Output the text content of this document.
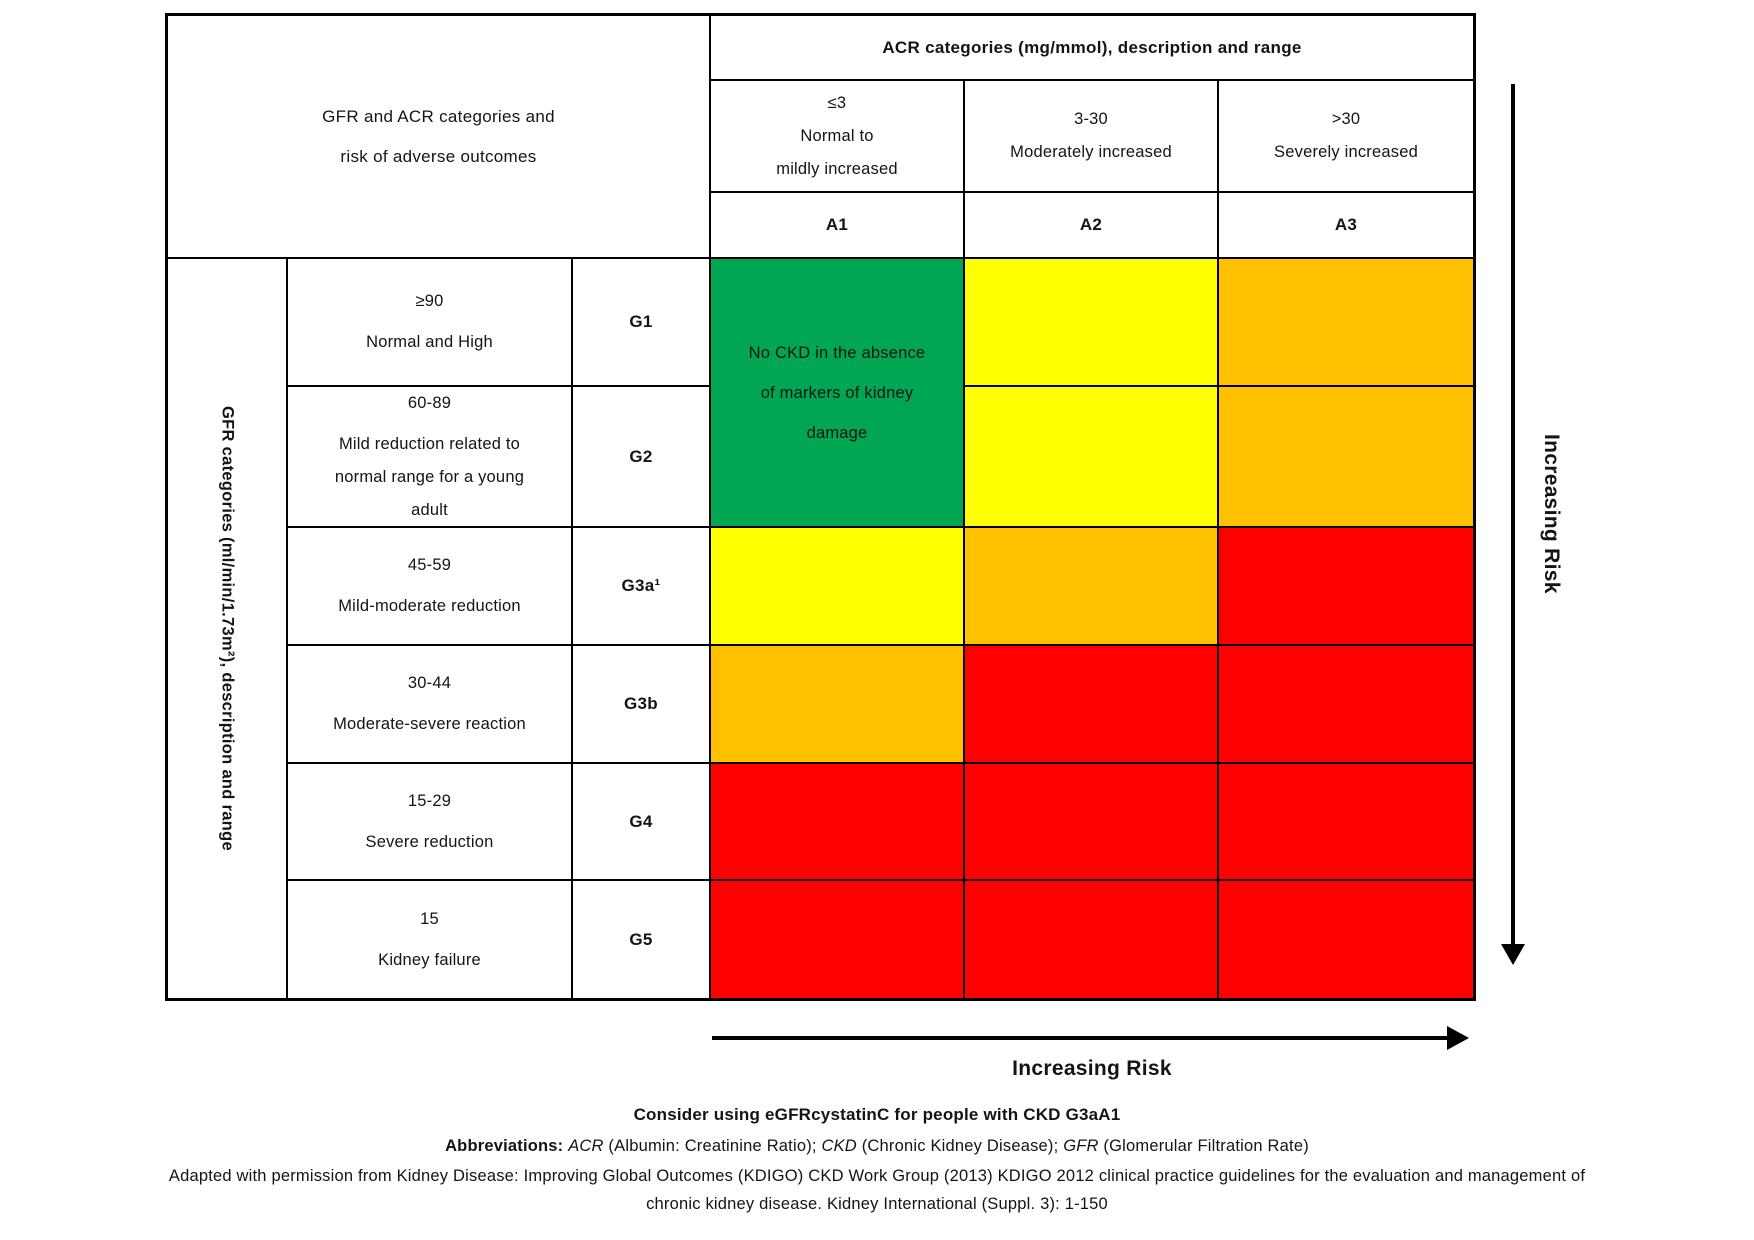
GFR and ACR categories and
risk of adverse outcomes
ACR categories (mg/mmol), description and range
≤3
Normal to
mildly increased
3-30
Moderately increased
>30
Severely increased
A1	A2	A3
GFR categories (ml/min/1.73m²), description and range
≥90
Normal and High
G1
No CKD in the absence
of markers of kidney
damage
60-89
Mild reduction related to
normal range for a young
adult
G2
45-59
Mild-moderate reduction
G3a¹
30-44
Moderate-severe reaction
G3b
15-29
Severe reduction
G4
15
Kidney failure
G5
Increasing Risk
Increasing Risk
Consider using eGFRcystatinC for people with CKD G3aA1
Abbreviations: ACR (Albumin: Creatinine Ratio); CKD (Chronic Kidney Disease); GFR (Glomerular Filtration Rate)
Adapted with permission from Kidney Disease: Improving Global Outcomes (KDIGO) CKD Work Group (2013) KDIGO 2012 clinical practice guidelines for the evaluation and management of
chronic kidney disease. Kidney International (Suppl. 3): 1-150
